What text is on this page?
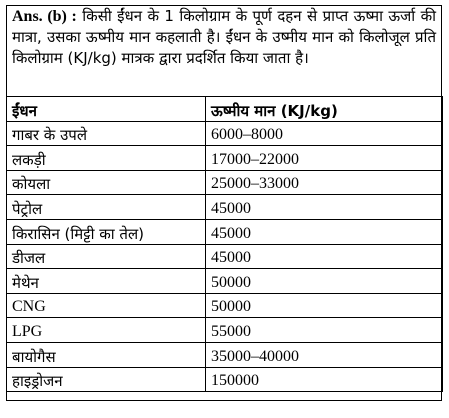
Ans. (b) : किसी ईंधन के 1 किलोग्राम के पूर्ण दहन से प्राप्त ऊष्मा ऊर्जा की मात्रा, उसका ऊष्मीय मान कहलाती है। ईंधन के उष्मीय मान को किलोजूल प्रति किलोग्राम (KJ/kg) मात्रक द्वारा प्रदर्शित किया जाता है।
ईंधन	ऊष्मीय मान (KJ/kg)
गाबर के उपले	6000–8000
लकड़ी	17000–22000
कोयला	25000–33000
पेट्रोल	45000
किरासिन (मिट्टी का तेल)	45000
डीजल	45000
मेथेन	50000
CNG	50000
LPG	55000
बायोगैस	35000–40000
हाइड्रोजन	150000
